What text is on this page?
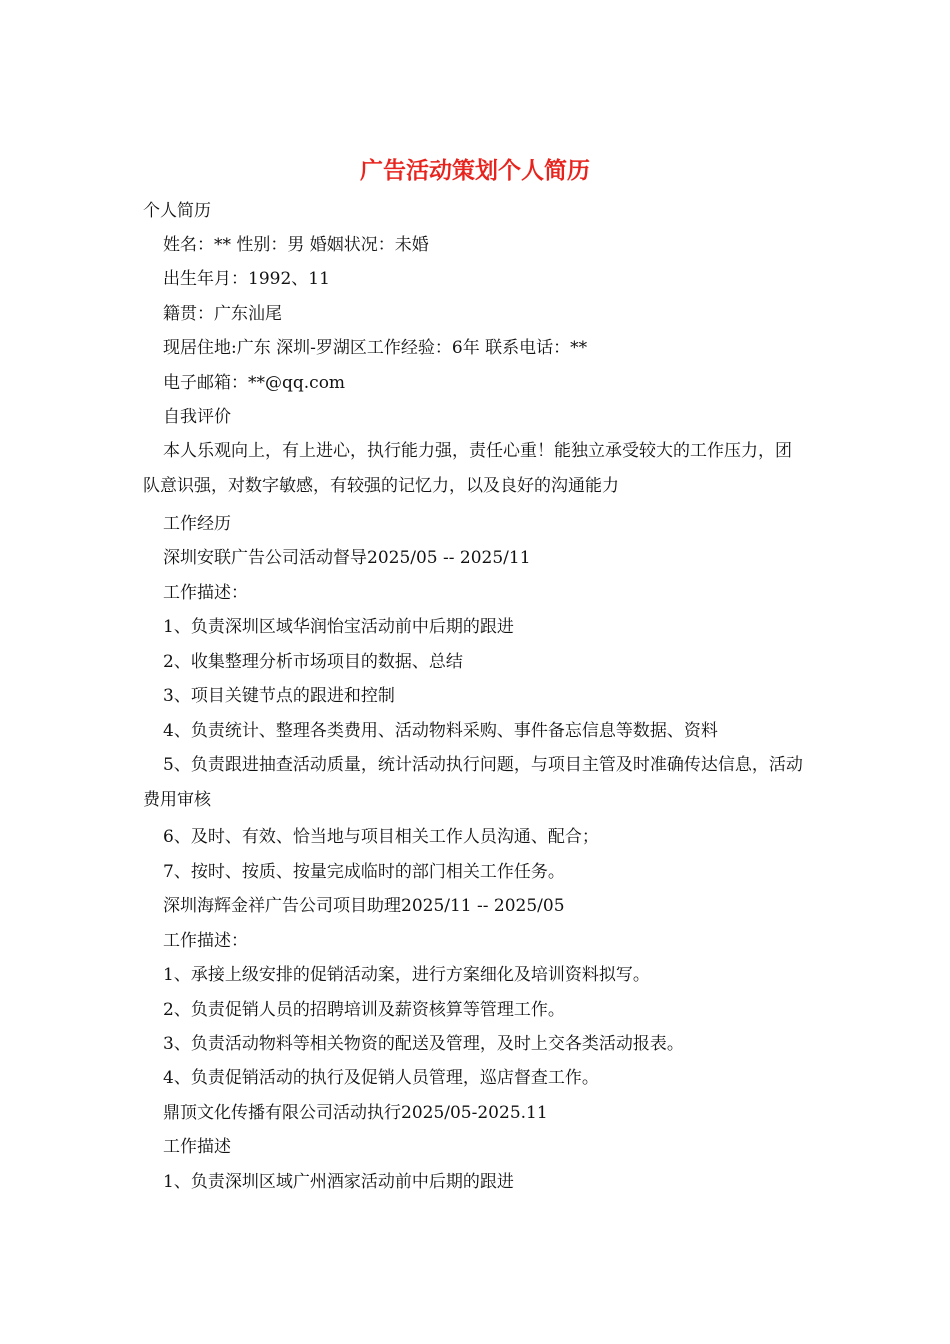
广告活动策划个人简历
个人简历
姓名：** 性别：男 婚姻状况：未婚
出生年月：1992、11
籍贯：广东汕尾
现居住地:广东 深圳-罗湖区工作经验：6年 联系电话：**
电子邮箱：**@qq.com
自我评价
本人乐观向上，有上进心，执行能力强，责任心重！能独立承受较大的工作压力，团队意识强，对数字敏感，有较强的记忆力，以及良好的沟通能力
工作经历
深圳安联广告公司活动督导2025/05 -- 2025/11
工作描述：
1、负责深圳区域华润怡宝活动前中后期的跟进
2、收集整理分析市场项目的数据、总结
3、项目关键节点的跟进和控制
4、负责统计、整理各类费用、活动物料采购、事件备忘信息等数据、资料
5、负责跟进抽查活动质量，统计活动执行问题，与项目主管及时准确传达信息，活动费用审核
6、及时、有效、恰当地与项目相关工作人员沟通、配合；
7、按时、按质、按量完成临时的部门相关工作任务。
深圳海辉金祥广告公司项目助理2025/11 -- 2025/05
工作描述：
1、承接上级安排的促销活动案，进行方案细化及培训资料拟写。
2、负责促销人员的招聘培训及薪资核算等管理工作。
3、负责活动物料等相关物资的配送及管理，及时上交各类活动报表。
4、负责促销活动的执行及促销人员管理，巡店督查工作。
鼎顶文化传播有限公司活动执行2025/05-2025.11
工作描述
1、负责深圳区域广州酒家活动前中后期的跟进
